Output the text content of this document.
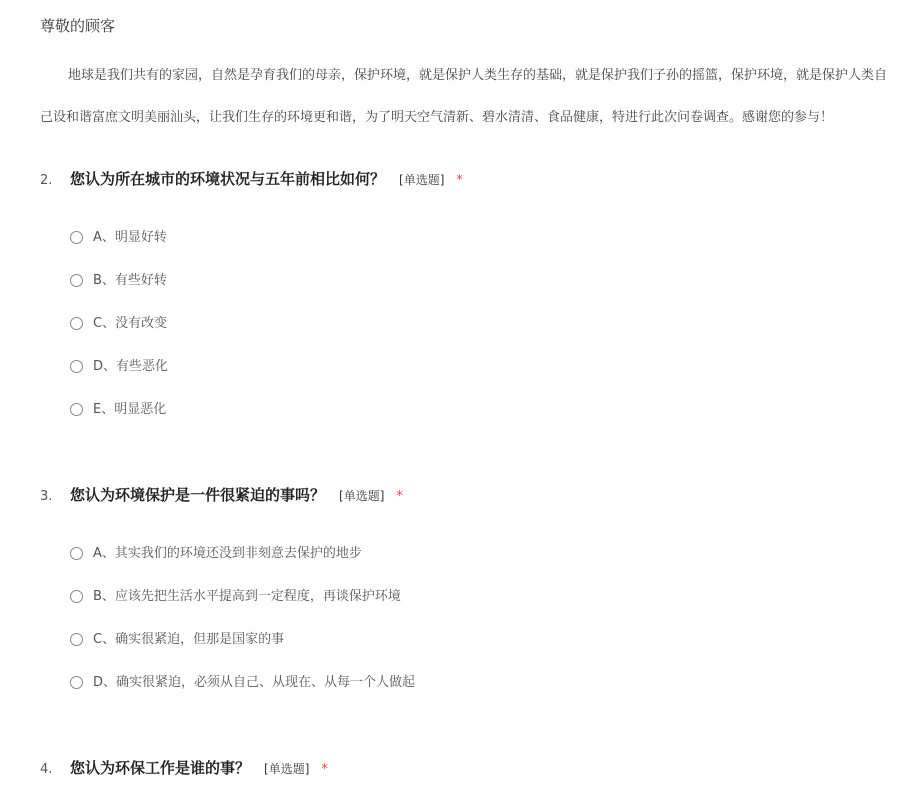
尊敬的顾客
地球是我们共有的家园，自然是孕育我们的母亲，保护环境，就是保护人类生存的基础，就是保护我们子孙的摇篮，保护环境，就是保护人类自己设和谐富庶文明美丽汕头，让我们生存的环境更和谐，为了明天空气清新、碧水清清、食品健康，特进行此次问卷调查。感谢您的参与！
2. 您认为所在城市的环境状况与五年前相比如何？ [单选题] *
A、明显好转
B、有些好转
C、没有改变
D、有些恶化
E、明显恶化
3. 您认为环境保护是一件很紧迫的事吗？ [单选题] *
A、其实我们的环境还没到非刻意去保护的地步
B、应该先把生活水平提高到一定程度，再谈保护环境
C、确实很紧迫，但那是国家的事
D、确实很紧迫，必须从自己、从现在、从每一个人做起
4. 您认为环保工作是谁的事？ [单选题] *
